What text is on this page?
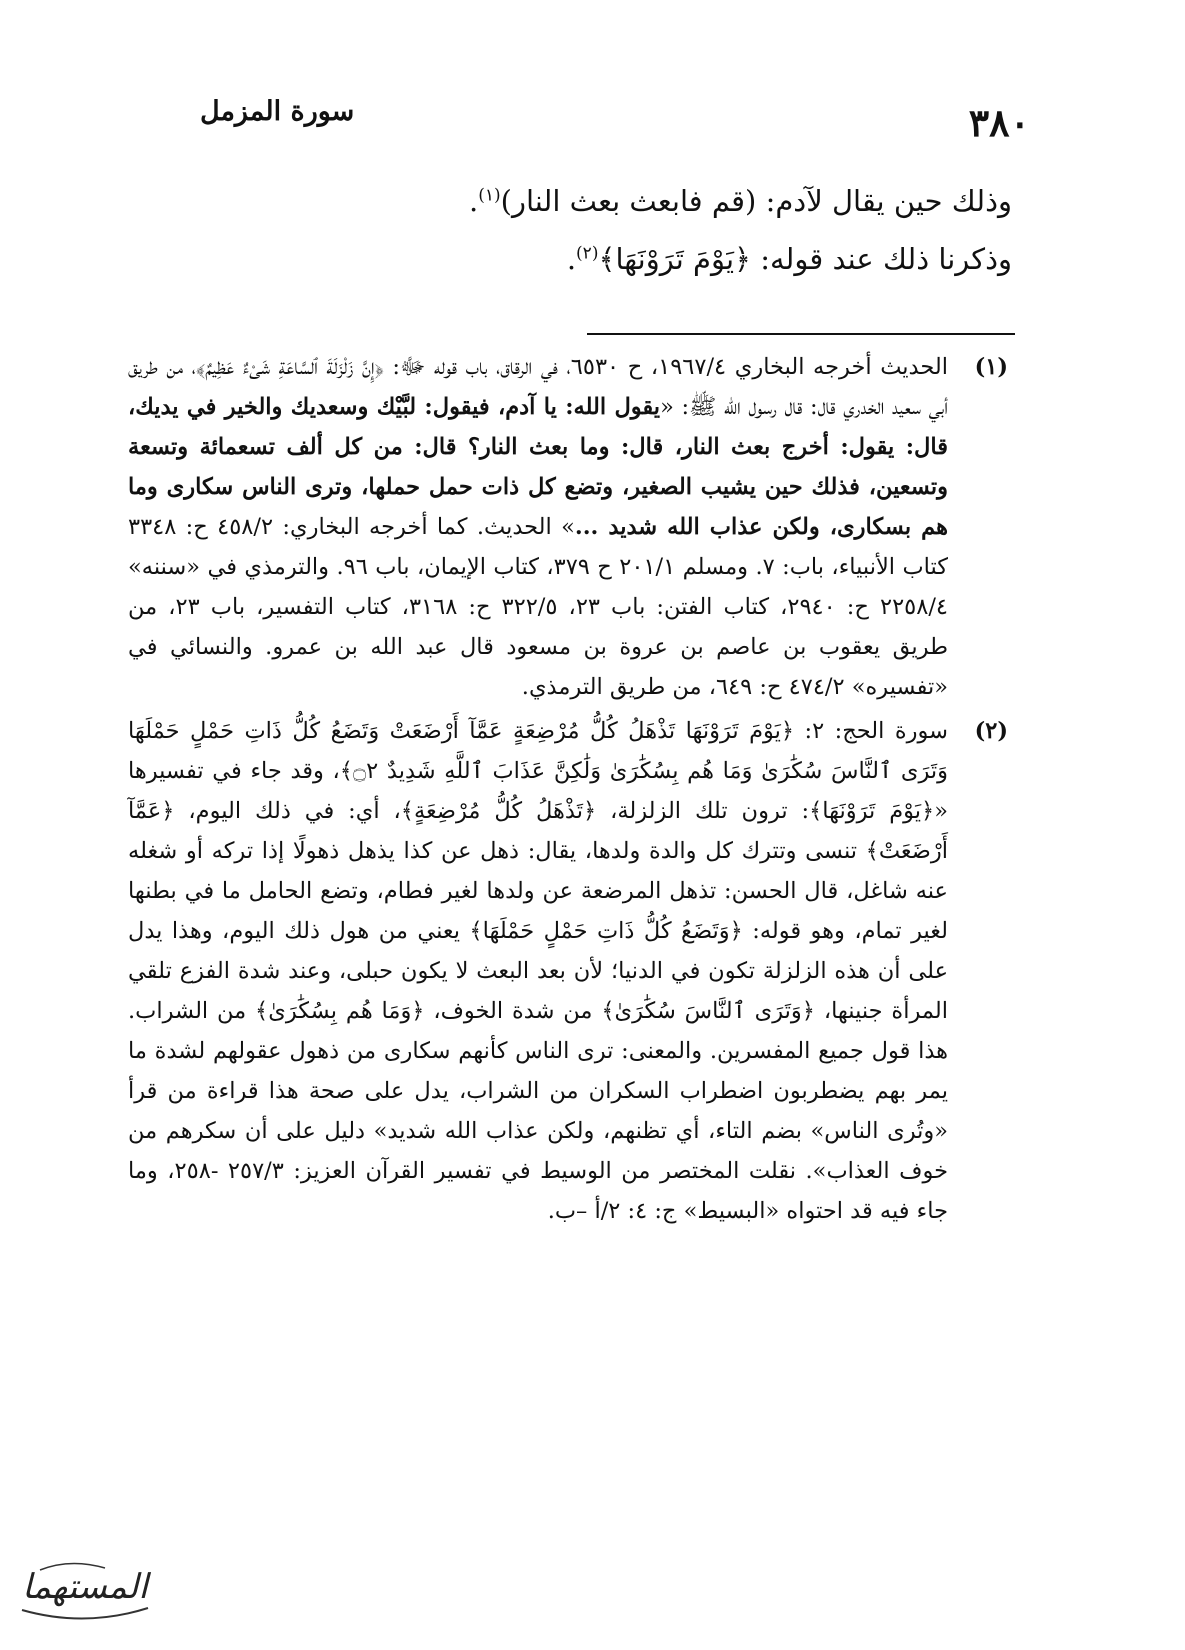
٣٨٠
سورة المزمل
وذلك حين يقال لآدم: (قم فابعث بعث النار)$^{(١)}$.
وذكرنا ذلك عند قوله: ﴿يَوْمَ تَرَوْنَهَا﴾$^{(٢)}$.
(١)
الحديث أخرجه البخاري ١٩٦٧/٤، ح ٦٥٣٠، في الرقاق، باب قوله ﷻ: ﴿إِنَّ زَلْزَلَةَ ٱلسَّاعَةِ شَىْءٌ عَظِيمٌ﴾، من طريق أبي سعيد الخدري قال: قال رسول الله ﷺ: «يقول الله: يا آدم، فيقول: لبَّيْك وسعديك والخير في يديك، قال: يقول: أخرج بعث النار، قال: وما بعث النار؟ قال: من كل ألف تسعمائة وتسعة وتسعين، فذلك حين يشيب الصغير، وتضع كل ذات حمل حملها، وترى الناس سكارى وما هم بسكارى، ولكن عذاب الله شديد ...» الحديث. كما أخرجه البخاري: ٤٥٨/٢ ح: ٣٣٤٨ كتاب الأنبياء، باب: ٧. ومسلم ٢٠١/١ ح ٣٧٩، كتاب الإيمان، باب ٩٦. والترمذي في «سننه» ٢٢٥٨/٤ ح: ٢٩٤٠، كتاب الفتن: باب ٢٣، ٣٢٢/٥ ح: ٣١٦٨، كتاب التفسير، باب ٢٣، من طريق يعقوب بن عاصم بن عروة بن مسعود قال عبد الله بن عمرو. والنسائي في «تفسيره» ٤٧٤/٢ ح: ٦٤٩، من طريق الترمذي.
(٢)
سورة الحج: ٢: ﴿يَوْمَ تَرَوْنَهَا تَذْهَلُ كُلُّ مُرْضِعَةٍ عَمَّآ أَرْضَعَتْ وَتَضَعُ كُلُّ ذَاتِ حَمْلٍ حَمْلَهَا وَتَرَى ٱلنَّاسَ سُكَٰرَىٰ وَمَا هُم بِسُكَٰرَىٰ وَلَٰكِنَّ عَذَابَ ٱللَّهِ شَدِيدٌ ۝٢﴾، وقد جاء في تفسيرها «﴿يَوْمَ تَرَوْنَهَا﴾: ترون تلك الزلزلة، ﴿تَذْهَلُ كُلُّ مُرْضِعَةٍ﴾، أي: في ذلك اليوم، ﴿عَمَّآ أَرْضَعَتْ﴾ تنسى وتترك كل والدة ولدها، يقال: ذهل عن كذا يذهل ذهولًا إذا تركه أو شغله عنه شاغل، قال الحسن: تذهل المرضعة عن ولدها لغير فطام، وتضع الحامل ما في بطنها لغير تمام، وهو قوله: ﴿وَتَضَعُ كُلُّ ذَاتِ حَمْلٍ حَمْلَهَا﴾ يعني من هول ذلك اليوم، وهذا يدل على أن هذه الزلزلة تكون في الدنيا؛ لأن بعد البعث لا يكون حبلى، وعند شدة الفزع تلقي المرأة جنينها، ﴿وَتَرَى ٱلنَّاسَ سُكَٰرَىٰ﴾ من شدة الخوف، ﴿وَمَا هُم بِسُكَٰرَىٰ﴾ من الشراب. هذا قول جميع المفسرين. والمعنى: ترى الناس كأنهم سكارى من ذهول عقولهم لشدة ما يمر بهم يضطربون اضطراب السكران من الشراب، يدل على صحة هذا قراءة من قرأ «وتُرى الناس» بضم التاء، أي تظنهم، ولكن عذاب الله شديد» دليل على أن سكرهم من خوف العذاب». نقلت المختصر من الوسيط في تفسير القرآن العزيز: ٢٥٧/٣ -٢٥٨، وما جاء فيه قد احتواه «البسيط» ج: ٤: ٢/أ –ب.
المستهما
